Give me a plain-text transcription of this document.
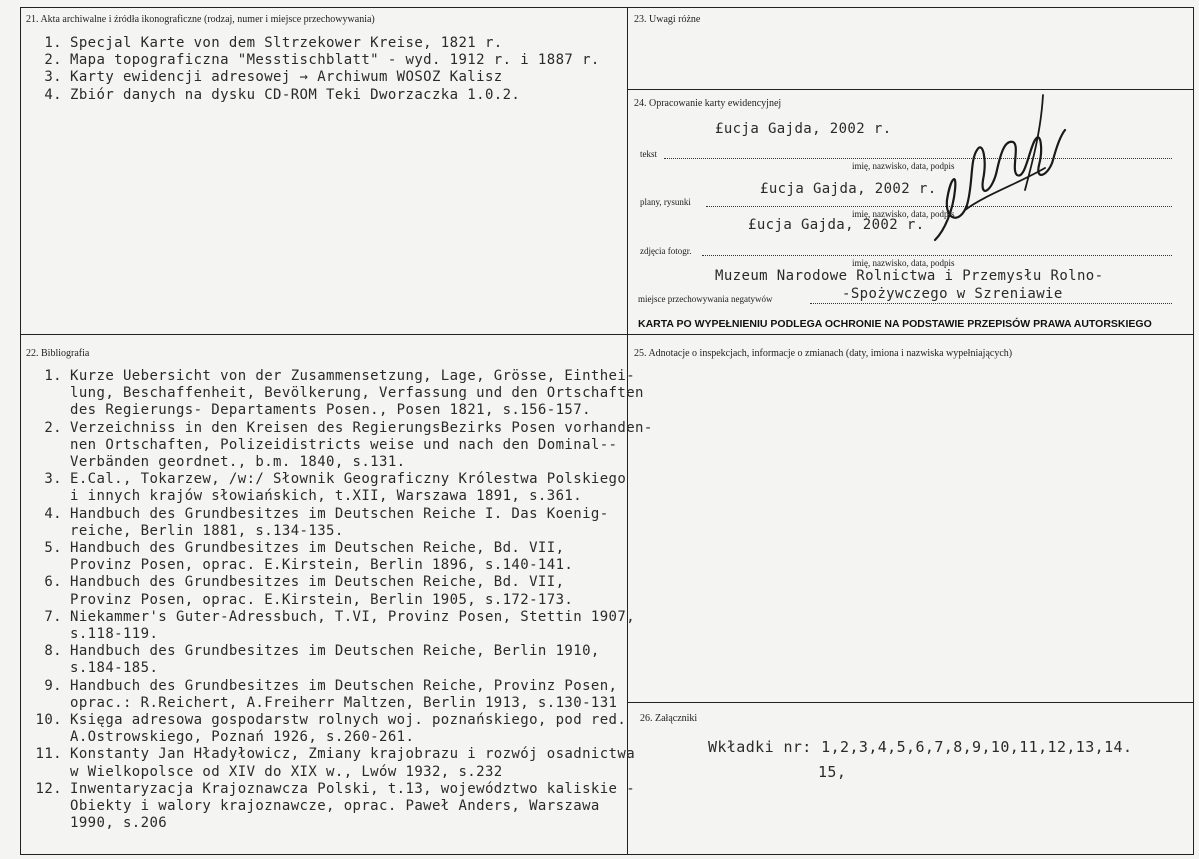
21. Akta archiwalne i źródła ikonograficzne (rodzaj, numer i miejsce przechowywania)
1. Specjal Karte von dem Sltrzekower Kreise, 1821 r.
2. Mapa topograficzna "Messtischblatt" - wyd. 1912 r. i 1887 r.
3. Karty ewidencji adresowej → Archiwum WOSOZ Kalisz
4. Zbiór danych na dysku CD-ROM Teki Dworzaczka 1.0.2.
23. Uwagi różne
24. Opracowanie karty ewidencyjnej
£ucja Gajda, 2002 r.
tekst
imię, nazwisko, data, podpis
£ucja Gajda, 2002 r.
plany, rysunki
imię, nazwisko, data, podpis
£ucja Gajda, 2002 r.
zdjęcia fotogr.
imię, nazwisko, data, podpis
Muzeum Narodowe Rolnictwa i Przemysłu Rolno-
-Spożywczego w Szreniawie
miejsce przechowywania negatywów
KARTA PO WYPEŁNIENIU PODLEGA OCHRONIE NA PODSTAWIE PRZEPISÓW PRAWA AUTORSKIEGO
22. Bibliografia
1. Kurze Uebersicht von der Zusammensetzung, Lage, Grösse, Einthei-
lung, Beschaffenheit, Bevölkerung, Verfassung und den Ortschaften
des Regierungs- Departaments Posen., Posen 1821, s.156-157.
2. Verzeichniss in den Kreisen des RegierungsBezirks Posen vorhanden-
nen Ortschaften, Polizeidistricts weise und nach den Dominal--
Verbänden geordnet., b.m. 1840, s.131.
3. E.Cal., Tokarzew, /w:/ Słownik Geograficzny Królestwa Polskiego
i innych krajów słowiańskich, t.XII, Warszawa 1891, s.361.
4. Handbuch des Grundbesitzes im Deutschen Reiche I. Das Koenig-
reiche, Berlin 1881, s.134-135.
5. Handbuch des Grundbesitzes im Deutschen Reiche, Bd. VII,
Provinz Posen, oprac. E.Kirstein, Berlin 1896, s.140-141.
6. Handbuch des Grundbesitzes im Deutschen Reiche, Bd. VII,
Provinz Posen, oprac. E.Kirstein, Berlin 1905, s.172-173.
7. Niekammer's Guter-Adressbuch, T.VI, Provinz Posen, Stettin 1907,
s.118-119.
8. Handbuch des Grundbesitzes im Deutschen Reiche, Berlin 1910,
s.184-185.
9. Handbuch des Grundbesitzes im Deutschen Reiche, Provinz Posen,
oprac.: R.Reichert, A.Freiherr Maltzen, Berlin 1913, s.130-131
10. Księga adresowa gospodarstw rolnych woj. poznańskiego, pod red.
A.Ostrowskiego, Poznań 1926, s.260-261.
11. Konstanty Jan Hładyłowicz, Zmiany krajobrazu i rozwój osadnictwa
w Wielkopolsce od XIV do XIX w., Lwów 1932, s.232
12. Inwentaryzacja Krajoznawcza Polski, t.13, województwo kaliskie -
Obiekty i walory krajoznawcze, oprac. Paweł Anders, Warszawa
1990, s.206
25. Adnotacje o inspekcjach, informacje o zmianach (daty, imiona i nazwiska wypełniających)
26. Załączniki
Wkładki nr: 1,2,3,4,5,6,7,8,9,10,11,12,13,14.
15,
